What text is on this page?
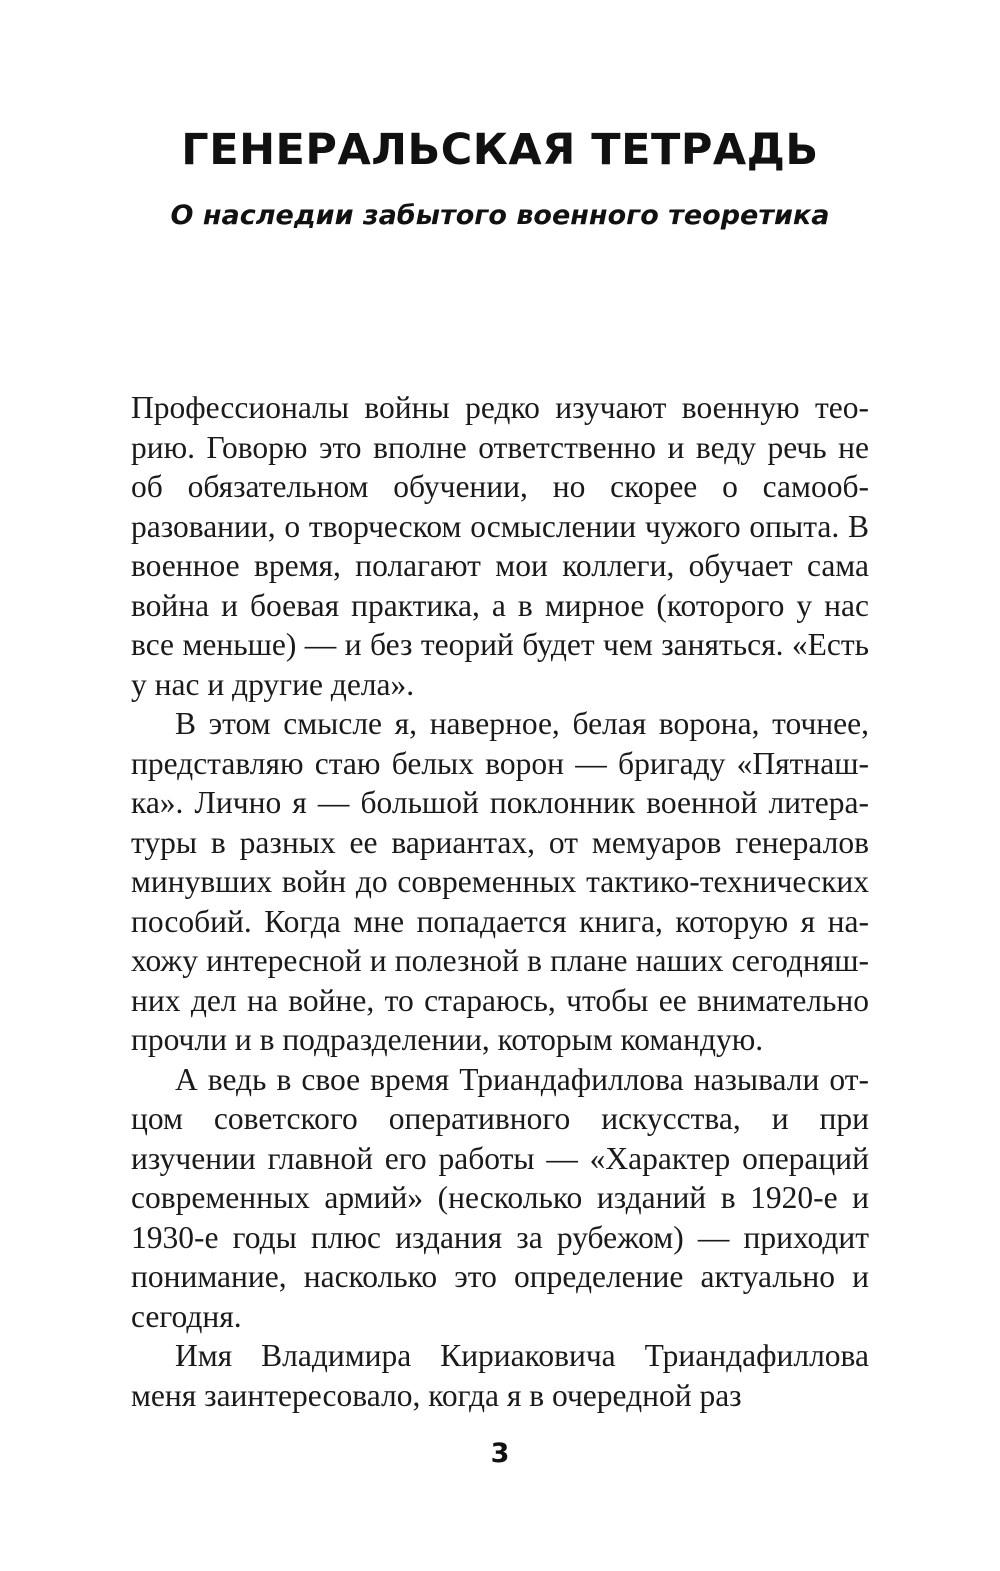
ГЕНЕРАЛЬСКАЯ ТЕТРАДЬ
О наследии забытого военного теоретика

Профессионалы войны редко изучают военную теорию. Говорю это вполне ответственно и веду речь не об обязательном обучении, но скорее о самообразовании, о творческом осмыслении чужого опыта. В военное время, полагают мои коллеги, обучает сама война и боевая практика, а в мирное (которого у нас все меньше) — и без теорий будет чем заняться. «Есть у нас и другие дела».

В этом смысле я, наверное, белая ворона, точнее, представляю стаю белых ворон — бригаду «Пятнашка». Лично я — большой поклонник военной литературы в разных ее вариантах, от мемуаров генералов минувших войн до современных тактико-технических пособий. Когда мне попадается книга, которую я нахожу интересной и полезной в плане наших сегодняшних дел на войне, то стараюсь, чтобы ее внимательно прочли и в подразделении, которым командую.

А ведь в свое время Триандафиллова называли отцом советского оперативного искусства, и при изучении главной его работы — «Характер операций современных армий» (несколько изданий в 1920-е и 1930-е годы плюс издания за рубежом) — приходит понимание, насколько это определение актуально и сегодня.

Имя Владимира Кириаковича Триандафиллова меня заинтересовало, когда я в очередной раз

3
